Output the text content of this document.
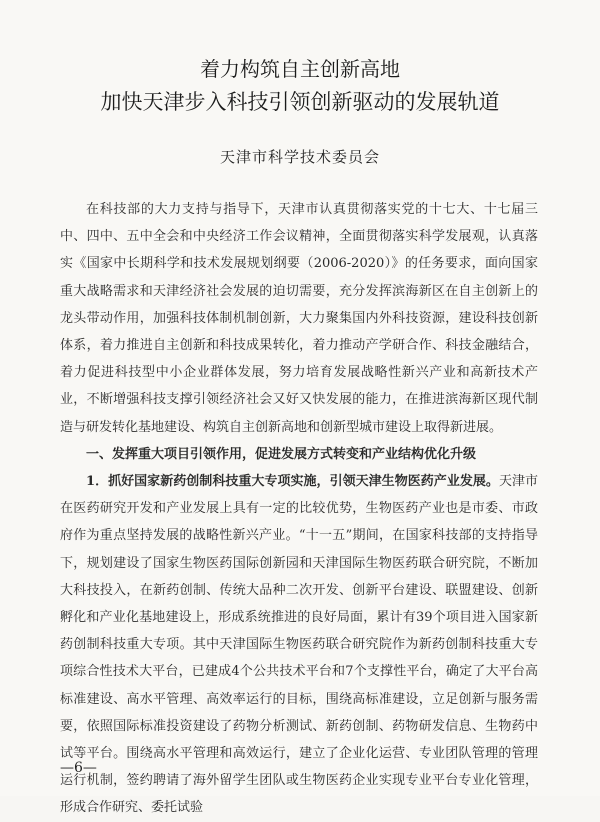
着力构筑自主创新高地
加快天津步入科技引领创新驱动的发展轨道
天津市科学技术委员会

在科技部的大力支持与指导下，天津市认真贯彻落实党的十七大、十七届三中、四中、五中全会和中央经济工作会议精神，全面贯彻落实科学发展观，认真落实《国家中长期科学和技术发展规划纲要（2006-2020）》的任务要求，面向国家重大战略需求和天津经济社会发展的迫切需要，充分发挥滨海新区在自主创新上的龙头带动作用，加强科技体制机制创新，大力聚集国内外科技资源，建设科技创新体系，着力推进自主创新和科技成果转化，着力推动产学研合作、科技金融结合，着力促进科技型中小企业群体发展，努力培育发展战略性新兴产业和高新技术产业，不断增强科技支撑引领经济社会又好又快发展的能力，在推进滨海新区现代制造与研发转化基地建设、构筑自主创新高地和创新型城市建设上取得新进展。

一、发挥重大项目引领作用，促进发展方式转变和产业结构优化升级

1．抓好国家新药创制科技重大专项实施，引领天津生物医药产业发展。天津市在医药研究开发和产业发展上具有一定的比较优势，生物医药产业也是市委、市政府作为重点坚持发展的战略性新兴产业。“十一五”期间，在国家科技部的支持指导下，规划建设了国家生物医药国际创新园和天津国际生物医药联合研究院，不断加大科技投入，在新药创制、传统大品种二次开发、创新平台建设、联盟建设、创新孵化和产业化基地建设上，形成系统推进的良好局面，累计有39个项目进入国家新药创制科技重大专项。其中天津国际生物医药联合研究院作为新药创制科技重大专项综合性技术大平台，已建成4个公共技术平台和7个支撑性平台，确定了大平台高标准建设、高水平管理、高效率运行的目标，围绕高标准建设，立足创新与服务需要，依照国际标准投资建设了药物分析测试、新药创制、药物研发信息、生物药中试等平台。围绕高水平管理和高效运行，建立了企业化运营、专业团队管理的管理运行机制，签约聘请了海外留学生团队或生物医药企业实现专业平台专业化管理，形成合作研究、委托试验

—6—
